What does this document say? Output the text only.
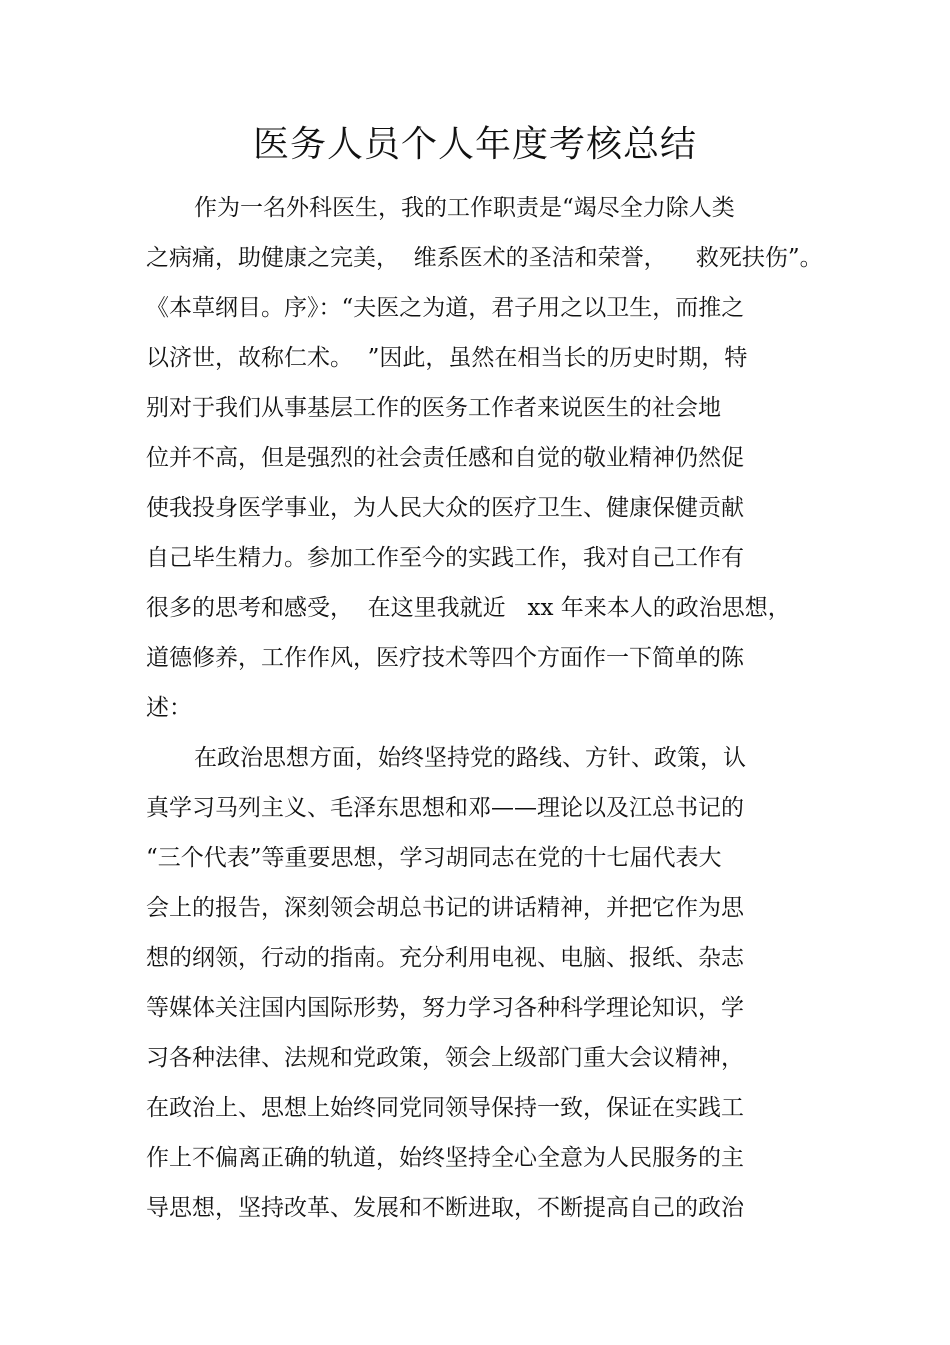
医务人员个人年度考核总结
作为一名外科医生，我的工作职责是“竭尽全力除人类
之病痛，助健康之完美，  维系医术的圣洁和荣誉，    救死扶伤”。
《本草纲目。序》：“夫医之为道，君子用之以卫生，而推之
以济世，故称仁术。  ”因此，虽然在相当长的历史时期，特
别对于我们从事基层工作的医务工作者来说医生的社会地
位并不高，但是强烈的社会责任感和自觉的敬业精神仍然促
使我投身医学事业，为人民大众的医疗卫生、健康保健贡献
自己毕生精力。参加工作至今的实践工作，我对自己工作有
很多的思考和感受，  在这里我就近   xx 年来本人的政治思想，
道德修养，工作作风，医疗技术等四个方面作一下简单的陈
述：
在政治思想方面，始终坚持党的路线、方针、政策，认
真学习马列主义、毛泽东思想和邓——理论以及江总书记的
“三个代表”等重要思想，学习胡同志在党的十七届代表大
会上的报告，深刻领会胡总书记的讲话精神，并把它作为思
想的纲领，行动的指南。充分利用电视、电脑、报纸、杂志
等媒体关注国内国际形势，努力学习各种科学理论知识，学
习各种法律、法规和党政策，领会上级部门重大会议精神，
在政治上、思想上始终同党同领导保持一致，保证在实践工
作上不偏离正确的轨道，始终坚持全心全意为人民服务的主
导思想，坚持改革、发展和不断进取，不断提高自己的政治
